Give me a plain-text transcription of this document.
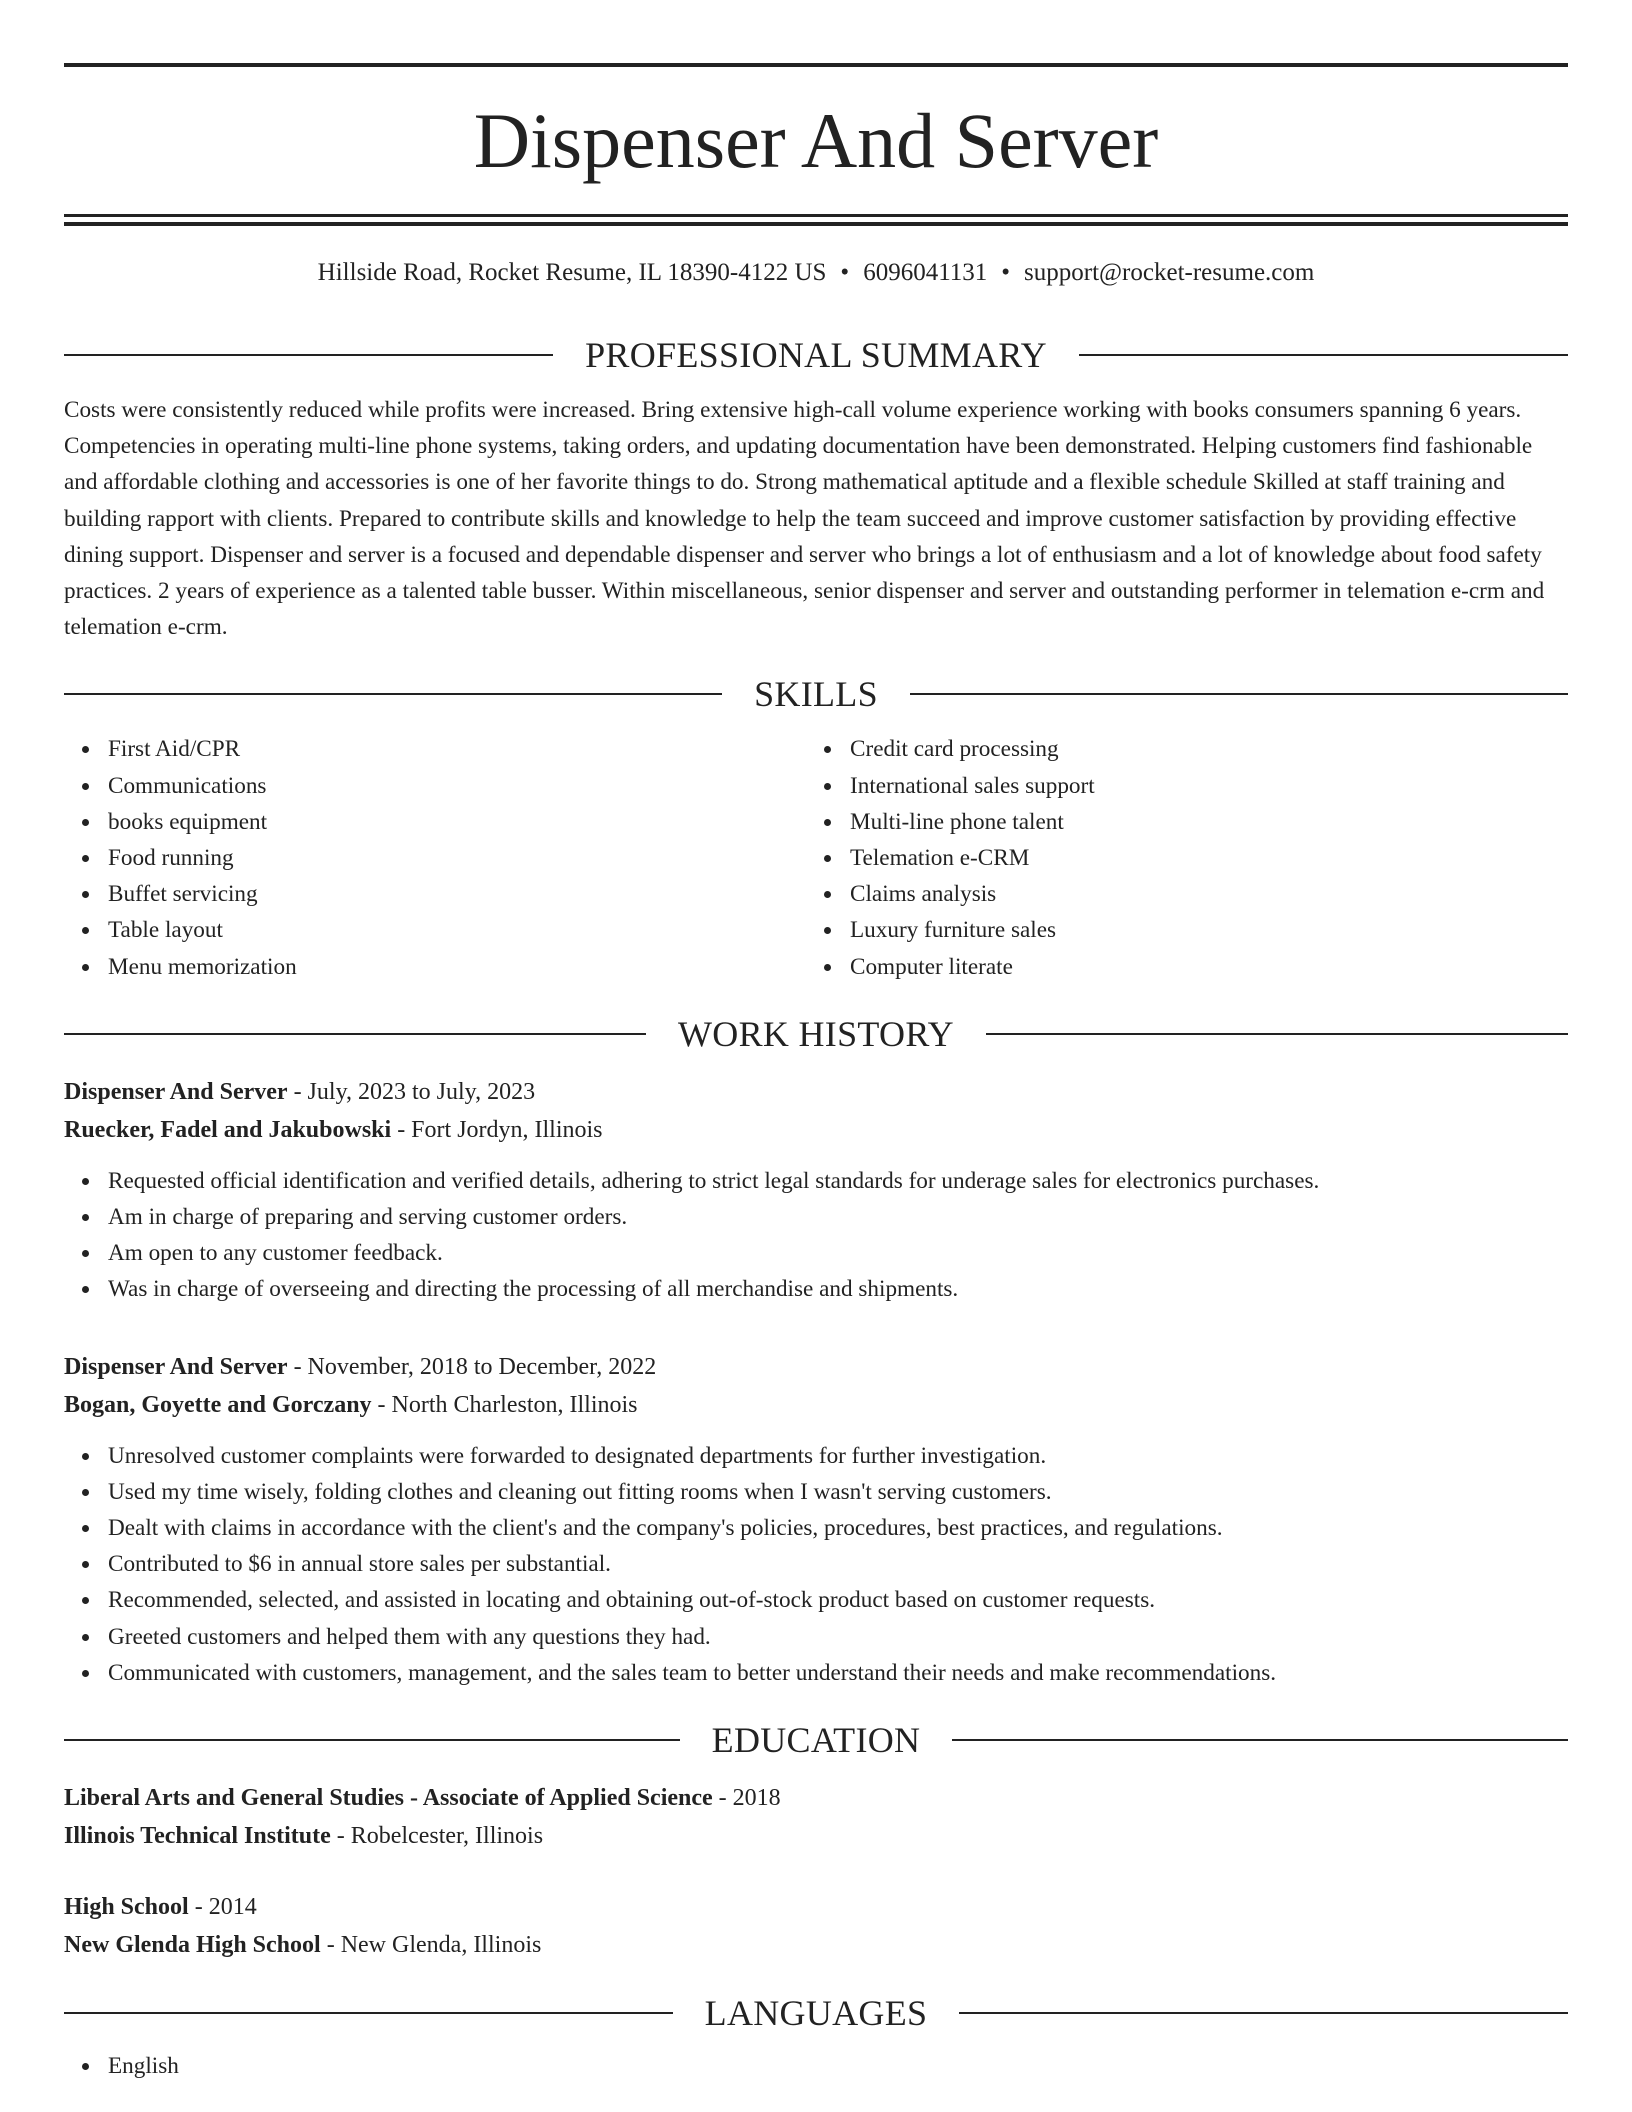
Dispenser And Server
Hillside Road, Rocket Resume, IL 18390-4122 US • 6096041131 • support@rocket-resume.com
PROFESSIONAL SUMMARY
Costs were consistently reduced while profits were increased. Bring extensive high-call volume experience working with books consumers spanning 6 years. Competencies in operating multi-line phone systems, taking orders, and updating documentation have been demonstrated. Helping customers find fashionable and affordable clothing and accessories is one of her favorite things to do. Strong mathematical aptitude and a flexible schedule Skilled at staff training and building rapport with clients. Prepared to contribute skills and knowledge to help the team succeed and improve customer satisfaction by providing effective dining support. Dispenser and server is a focused and dependable dispenser and server who brings a lot of enthusiasm and a lot of knowledge about food safety practices. 2 years of experience as a talented table busser. Within miscellaneous, senior dispenser and server and outstanding performer in telemation e-crm and telemation e-crm.
SKILLS
First Aid/CPR
Communications
books equipment
Food running
Buffet servicing
Table layout
Menu memorization
Credit card processing
International sales support
Multi-line phone talent
Telemation e-CRM
Claims analysis
Luxury furniture sales
Computer literate
WORK HISTORY
Dispenser And Server - July, 2023 to July, 2023
Ruecker, Fadel and Jakubowski - Fort Jordyn, Illinois
Requested official identification and verified details, adhering to strict legal standards for underage sales for electronics purchases.
Am in charge of preparing and serving customer orders.
Am open to any customer feedback.
Was in charge of overseeing and directing the processing of all merchandise and shipments.
Dispenser And Server - November, 2018 to December, 2022
Bogan, Goyette and Gorczany - North Charleston, Illinois
Unresolved customer complaints were forwarded to designated departments for further investigation.
Used my time wisely, folding clothes and cleaning out fitting rooms when I wasn't serving customers.
Dealt with claims in accordance with the client's and the company's policies, procedures, best practices, and regulations.
Contributed to $6 in annual store sales per substantial.
Recommended, selected, and assisted in locating and obtaining out-of-stock product based on customer requests.
Greeted customers and helped them with any questions they had.
Communicated with customers, management, and the sales team to better understand their needs and make recommendations.
EDUCATION
Liberal Arts and General Studies - Associate of Applied Science - 2018
Illinois Technical Institute - Robelcester, Illinois
High School - 2014
New Glenda High School - New Glenda, Illinois
LANGUAGES
English
